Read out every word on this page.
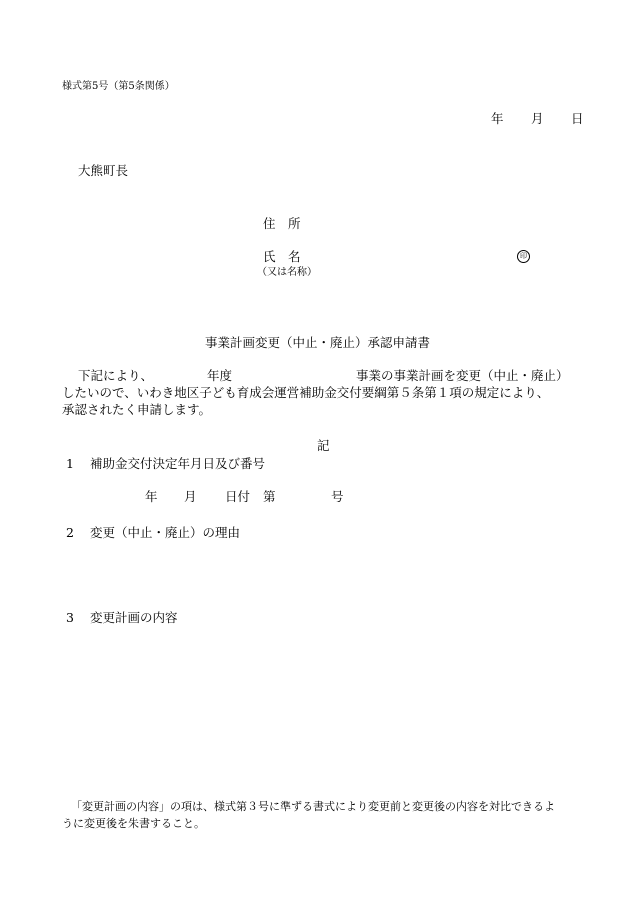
様式第5号（第5条関係）
年 月 日
大熊町長
住　所
氏　名
（又は名称）
印
事業計画変更（中止・廃止）承認申請書
下記により、	年度	事業の事業計画を変更（中止・廃止）
したいので、いわき地区子ども育成会運営補助金交付要綱第５条第１項の規定により、
承認されたく申請します。
記
1 補助金交付決定年月日及び番号
年 月 日付 第	号
2 変更（中止・廃止）の理由
3 変更計画の内容
「変更計画の内容」の項は、様式第３号に準ずる書式により変更前と変更後の内容を対比できるよ
うに変更後を朱書すること。
